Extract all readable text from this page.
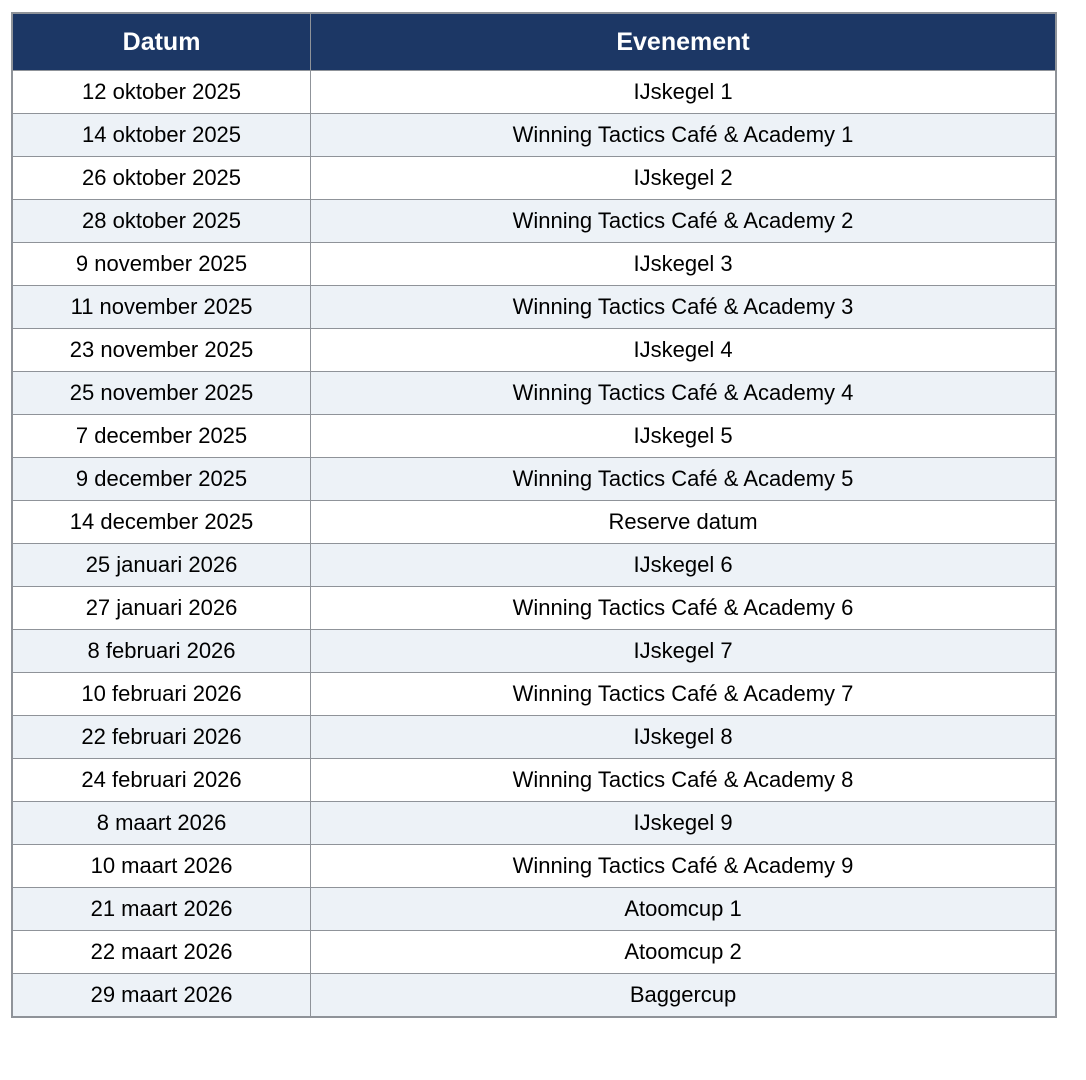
Datum	Evenement
12 oktober 2025	IJskegel 1
14 oktober 2025	Winning Tactics Café & Academy 1
26 oktober 2025	IJskegel 2
28 oktober 2025	Winning Tactics Café & Academy 2
9 november 2025	IJskegel 3
11 november 2025	Winning Tactics Café & Academy 3
23 november 2025	IJskegel 4
25 november 2025	Winning Tactics Café & Academy 4
7 december 2025	IJskegel 5
9 december 2025	Winning Tactics Café & Academy 5
14 december 2025	Reserve datum
25 januari 2026	IJskegel 6
27 januari 2026	Winning Tactics Café & Academy 6
8 februari 2026	IJskegel 7
10 februari 2026	Winning Tactics Café & Academy 7
22 februari 2026	IJskegel 8
24 februari 2026	Winning Tactics Café & Academy 8
8 maart 2026	IJskegel 9
10 maart 2026	Winning Tactics Café & Academy 9
21 maart 2026	Atoomcup 1
22 maart 2026	Atoomcup 2
29 maart 2026	Baggercup
